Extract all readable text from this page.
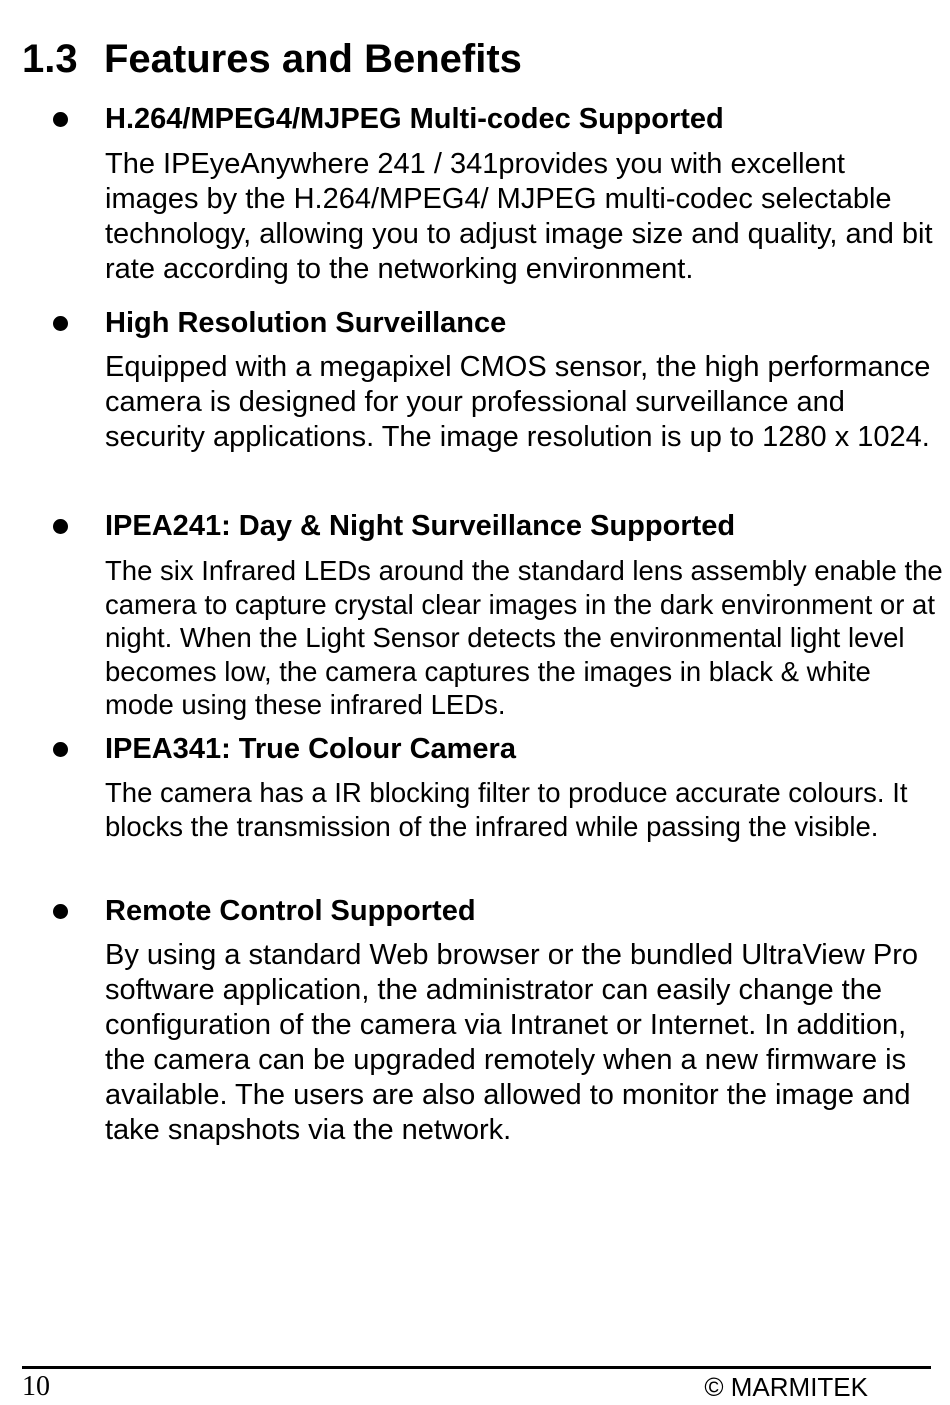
1.3 Features and Benefits
H.264/MPEG4/MJPEG Multi-codec Supported

The IPEyeAnywhere 241 / 341provides you with excellent images by the H.264/MPEG4/ MJPEG multi-codec selectable technology, allowing you to adjust image size and quality, and bit rate according to the networking environment.

High Resolution Surveillance

Equipped with a megapixel CMOS sensor, the high performance camera is designed for your professional surveillance and security applications. The image resolution is up to 1280 x 1024.

IPEA241: Day & Night Surveillance Supported

The six Infrared LEDs around the standard lens assembly enable the camera to capture crystal clear images in the dark environment or at night. When the Light Sensor detects the environmental light level becomes low, the camera captures the images in black & white mode using these infrared LEDs.

IPEA341: True Colour Camera

The camera has a IR blocking filter to produce accurate colours. It blocks the transmission of the infrared while passing the visible.

Remote Control Supported

By using a standard Web browser or the bundled UltraView Pro software application, the administrator can easily change the configuration of the camera via Intranet or Internet. In addition, the camera can be upgraded remotely when a new firmware is available. The users are also allowed to monitor the image and take snapshots via the network.

10	© MARMITEK
